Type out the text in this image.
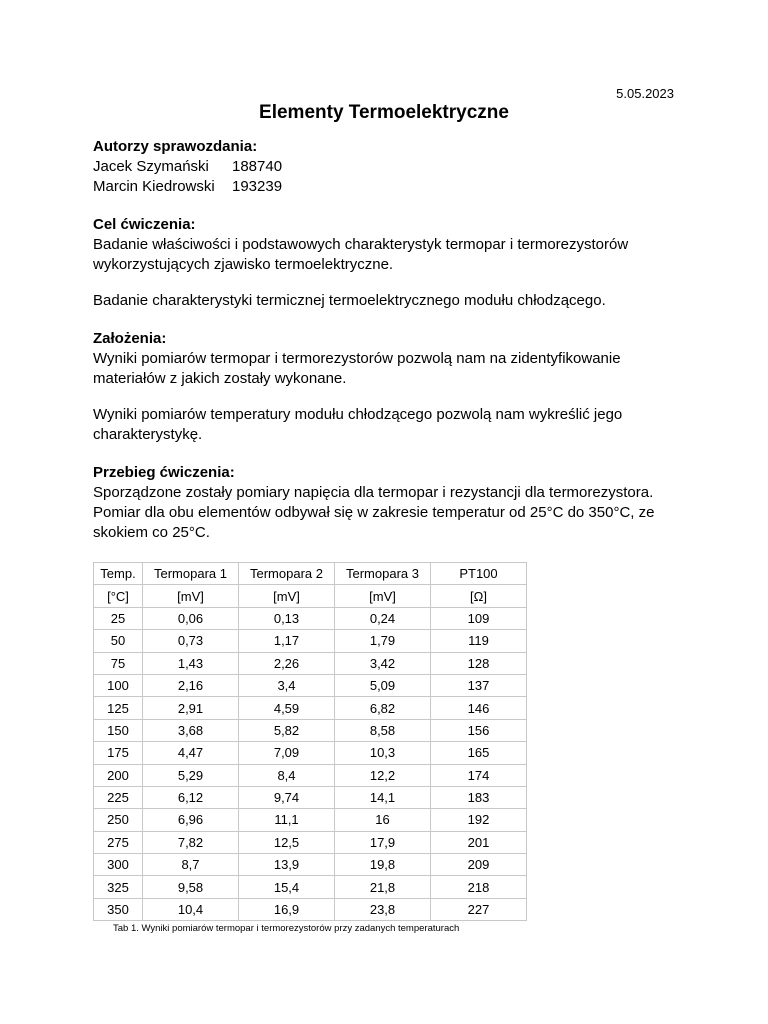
5.05.2023
Elementy Termoelektryczne
Autorzy sprawozdania:
Jacek Szymański	188740
Marcin Kiedrowski	193239
Cel ćwiczenia:
Badanie właściwości i podstawowych charakterystyk termopar i termorezystorów
wykorzystujących zjawisko termoelektryczne.
Badanie charakterystyki termicznej termoelektrycznego modułu chłodzącego.
Założenia:
Wyniki pomiarów termopar i termorezystorów pozwolą nam na zidentyfikowanie
materiałów z jakich zostały wykonane.
Wyniki pomiarów temperatury modułu chłodzącego pozwolą nam wykreślić jego
charakterystykę.
Przebieg ćwiczenia:
Sporządzone zostały pomiary napięcia dla termopar i rezystancji dla termorezystora.
Pomiar dla obu elementów odbywał się w zakresie temperatur od 25°C do 350°C, ze
skokiem co 25°C.
Temp.	Termopara 1	Termopara 2	Termopara 3	PT100
[°C]	[mV]	[mV]	[mV]	[Ω]
25	0,06	0,13	0,24	109
50	0,73	1,17	1,79	119
75	1,43	2,26	3,42	128
100	2,16	3,4	5,09	137
125	2,91	4,59	6,82	146
150	3,68	5,82	8,58	156
175	4,47	7,09	10,3	165
200	5,29	8,4	12,2	174
225	6,12	9,74	14,1	183
250	6,96	11,1	16	192
275	7,82	12,5	17,9	201
300	8,7	13,9	19,8	209
325	9,58	15,4	21,8	218
350	10,4	16,9	23,8	227
Tab 1. Wyniki pomiarów termopar i termorezystorów przy zadanych temperaturach
